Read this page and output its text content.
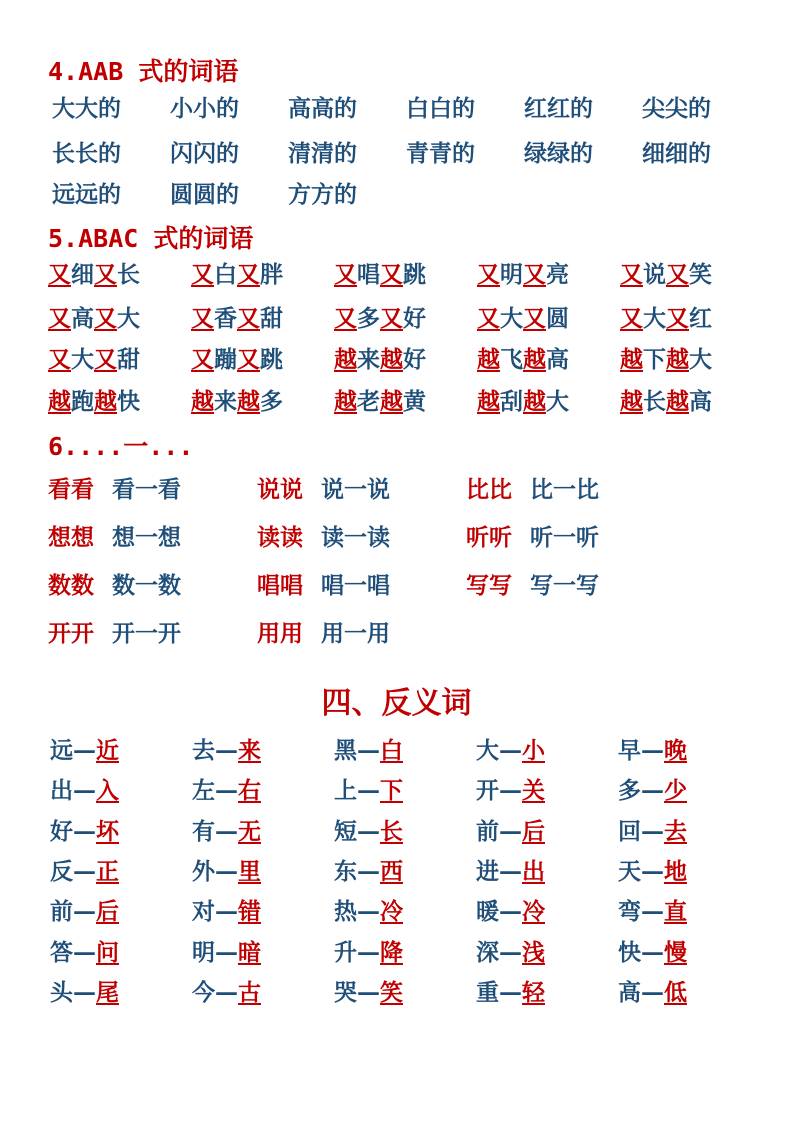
4.AAB 式的词语
大大的 小小的 高高的 白白的 红红的 尖尖的
长长的 闪闪的 清清的 青青的 绿绿的 细细的
远远的 圆圆的 方方的
5.ABAC 式的词语
又细又长 又白又胖 又唱又跳 又明又亮 又说又笑
又高又大 又香又甜 又多又好 又大又圆 又大又红
又大又甜 又蹦又跳 越来越好 越飞越高 越下越大
越跑越快 越来越多 越老越黄 越刮越大 越长越高
6....一...
看看 看一看	说说 说一说	比比 比一比
想想 想一想	读读 读一读	听听 听一听
数数 数一数	唱唱 唱一唱	写写 写一写
开开 开一开	用用 用一用
四、反义词
远—近	去—来	黑—白	大—小	早—晚
出—入	左—右	上—下	开—关	多—少
好—坏	有—无	短—长	前—后	回—去
反—正	外—里	东—西	进—出	天—地
前—后	对—错	热—冷	暖—冷	弯—直
答—问	明—暗	升—降	深—浅	快—慢
头—尾	今—古	哭—笑	重—轻	高—低
